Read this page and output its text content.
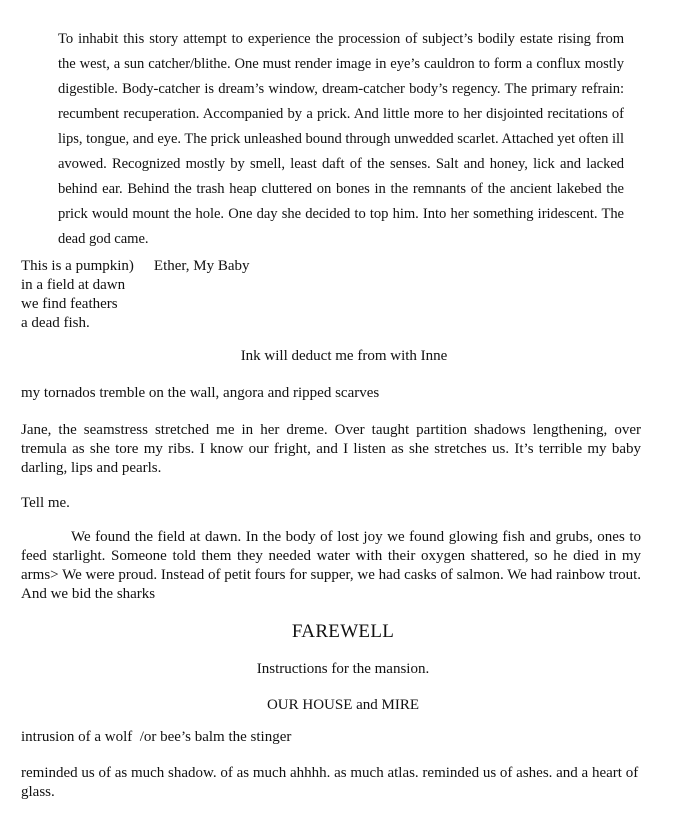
To inhabit this story attempt to experience the procession of subject’s bodily estate rising from the west, a sun catcher/blithe. One must render image in eye’s cauldron to form a conflux mostly digestible. Body-catcher is dream’s window, dream-catcher body’s regency. The primary refrain: recumbent recuperation. Accompanied by a prick. And little more to her disjointed recitations of lips, tongue, and eye. The prick unleashed bound through unwedded scarlet. Attached yet often ill avowed. Recognized mostly by smell, least daft of the senses. Salt and honey, lick and lacked behind ear. Behind the trash heap cluttered on bones in the remnants of the ancient lakebed the prick would mount the hole. One day she decided to top him. Into her something iridescent. The dead god came.

This is a pumpkin) Ether, My Baby
in a field at dawn
we find feathers
a dead fish.
Ink will deduct me from with Inne

my tornados tremble on the wall, angora and ripped scarves

Jane, the seamstress stretched me in her dreme. Over taught partition shadows lengthening, over tremula as she tore my ribs. I know our fright, and I listen as she stretches us. It’s terrible my baby darling, lips and pearls.

Tell me.

We found the field at dawn. In the body of lost joy we found glowing fish and grubs, ones to feed starlight. Someone told them they needed water with their oxygen shattered, so he died in my arms> We were proud. Instead of petit fours for supper, we had casks of salmon. We had rainbow trout. And we bid the sharks

FAREWELL
Instructions for the mansion.
OUR HOUSE and MIRE

intrusion of a wolf  /or bee’s balm the stinger

reminded us of as much shadow. of as much ahhhh. as much atlas. reminded us of ashes. and a heart of glass.
